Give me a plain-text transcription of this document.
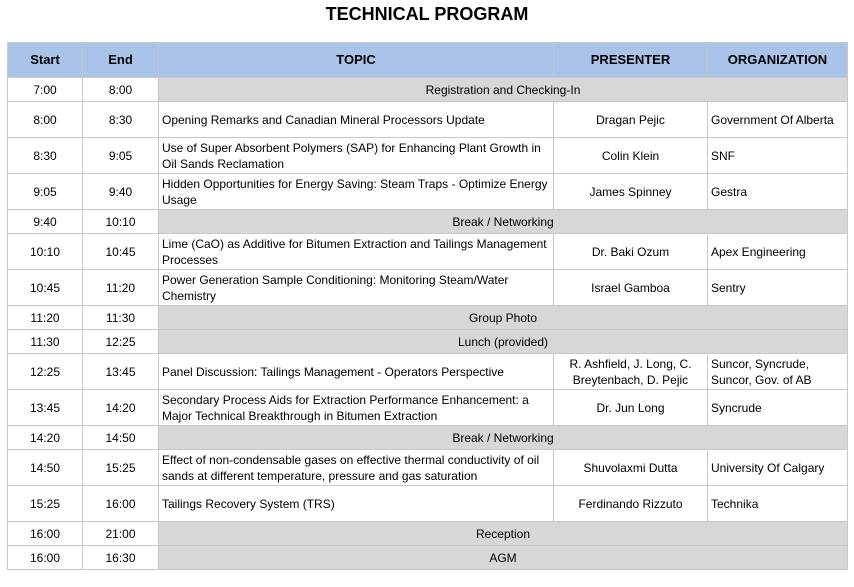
TECHNICAL PROGRAM
Start	End	TOPIC	PRESENTER	ORGANIZATION
7:00	8:00	Registration and Checking-In		
8:00	8:30	Opening Remarks and Canadian Mineral Processors Update	Dragan Pejic	Government Of Alberta
8:30	9:05	Use of Super Absorbent Polymers (SAP) for Enhancing Plant Growth in Oil Sands Reclamation	Colin Klein	SNF
9:05	9:40	Hidden Opportunities for Energy Saving: Steam Traps - Optimize Energy Usage	James Spinney	Gestra
9:40	10:10	Break / Networking		
10:10	10:45	Lime (CaO) as Additive for Bitumen Extraction and Tailings Management Processes	Dr. Baki Ozum	Apex Engineering
10:45	11:20	Power Generation Sample Conditioning: Monitoring Steam/Water Chemistry	Israel Gamboa	Sentry
11:20	11:30	Group Photo		
11:30	12:25	Lunch (provided)		
12:25	13:45	Panel Discussion: Tailings Management - Operators Perspective	R. Ashfield, J. Long, C. Breytenbach, D. Pejic	Suncor, Syncrude, Suncor, Gov. of AB
13:45	14:20	Secondary Process Aids for Extraction Performance Enhancement: a Major Technical Breakthrough in Bitumen Extraction	Dr. Jun Long	Syncrude
14:20	14:50	Break / Networking		
14:50	15:25	Effect of non-condensable gases on effective thermal conductivity of oil sands at different temperature, pressure and gas saturation	Shuvolaxmi Dutta	University Of Calgary
15:25	16:00	Tailings Recovery System (TRS)	Ferdinando Rizzuto	Technika
16:00	21:00	Reception		
16:00	16:30	AGM		
